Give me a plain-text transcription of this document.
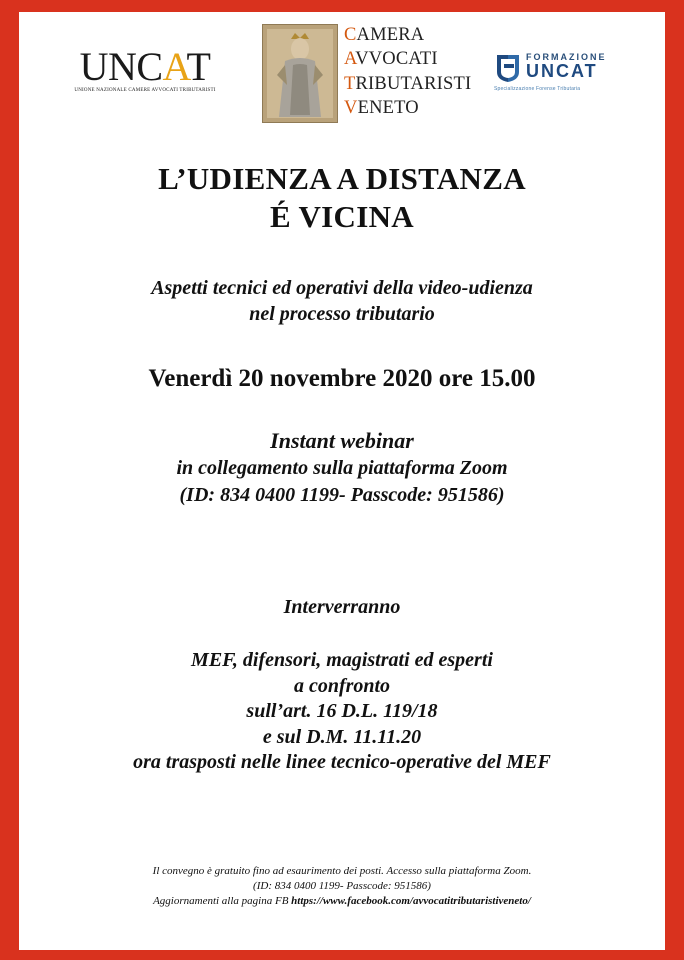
UNCAT
UNIONE NAZIONALE CAMERE AVVOCATI TRIBUTARISTI
CAMERA
AVVOCATI
TRIBUTARISTI
VENETO
FORMAZIONE
UNCAT
Specializzazione Forense Tributaria
L’UDIENZA A DISTANZA
É VICINA
Aspetti tecnici ed operativi della video-udienza
nel processo tributario
Venerdì 20 novembre 2020 ore 15.00
Instant webinar
in collegamento sulla piattaforma Zoom
(ID: 834 0400 1199- Passcode: 951586)
Interverranno
MEF, difensori, magistrati ed esperti
a confronto
sull’art. 16 D.L. 119/18
e sul D.M. 11.11.20
ora trasposti nelle linee tecnico-operative del MEF
Il convegno è gratuito fino ad esaurimento dei posti. Accesso sulla piattaforma Zoom.
(ID: 834 0400 1199- Passcode: 951586)
Aggiornamenti alla pagina FB https://www.facebook.com/avvocatitributaristiveneto/
